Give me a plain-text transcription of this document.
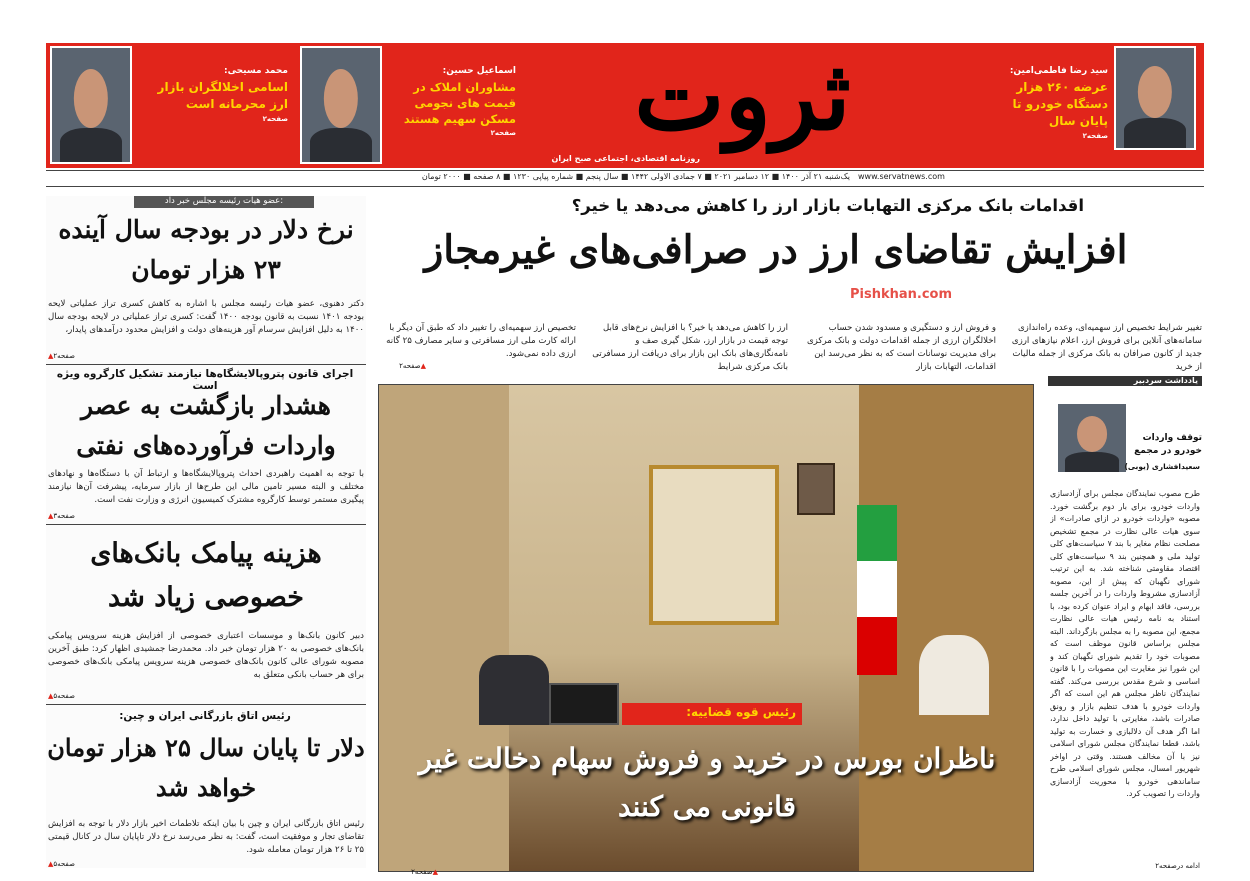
سید رضا فاطمی‌امین:
عرضه ۲۶۰ هزار دستگاه خودرو تا پایان سال
صفحه۲
ثروت
روزنامه اقتصادی، اجتماعی صبح ایران
اسماعیل حسین:
مشاوران املاک در قیمت های نجومی مسکن سهیم هستند
صفحه۲
محمد مسیحی:
اسامی اخلالگران بازار ارز محرمانه است
صفحه۲
یک‌شنبه ۲۱ آذر ۱۴۰۰ ■ ۱۲ دسامبر ۲۰۲۱ ■ ۷ جمادی الاولی ۱۴۴۲ ■ سال پنجم ■ شماره پیاپی ۱۲۳۰ ■ ۸ صفحه ■ ۲۰۰۰ تومان www.servatnews.com
اقدامات بانک مرکزی التهابات بازار ارز را کاهش می‌دهد یا خیر؟
افزایش تقاضای ارز در صرافی‌های غیرمجاز
Pishkhan.com
تغییر شرایط تخصیص ارز سهمیه‌ای، وعده راه‌اندازی سامانه‌های آنلاین برای فروش ارز، اعلام نیازهای ارزی جدید از کانون صرافان به بانک مرکزی از جمله مالیات از خرید
و فروش ارز و دستگیری و مسدود شدن حساب اخلالگران ارزی از جمله اقدامات دولت و بانک مرکزی برای مدیریت نوسانات است که به نظر می‌رسد این اقدامات، التهابات بازار
ارز را کاهش می‌دهد یا خیر؟ با افزایش نرخ‌های قابل توجه قیمت در بازار ارز، شکل گیری صف و نامه‌نگاری‌های بانک این بازار برای دریافت ارز مسافرتی بانک مرکزی شرایط
تخصیص ارز سهمیه‌ای را تغییر داد که طبق آن دیگر با ارائه کارت ملی ارز مسافرتی و سایر مصارف ۲۵ گانه ارزی داده نمی‌شود.
▲صفحه۲
یادداشت سردبیر
توقف واردات خودرو در مجمع
سعیدافشاری (یوبی)
طرح مصوب نمایندگان مجلس برای آزادسازی واردات خودرو، برای بار دوم برگشت خورد. مصوبه «واردات خودرو در ازای صادرات» از سوی هیات عالی نظارت در مجمع تشخیص مصلحت نظام مغایر با بند ۷ سیاست‌های کلی تولید ملی و همچنین بند ۹ سیاست‌های کلی اقتصاد مقاومتی شناخته شد. به این ترتیب شورای نگهبان که پیش از این، مصوبه آزادسازی مشروط واردات را در آخرین جلسه بررسی، فاقد ابهام و ایراد عنوان کرده بود، با استناد به نامه رئیس هیات عالی نظارت مجمع، این مصوبه را به مجلس بازگرداند. البته مجلس براساس قانون موظف است که مصوبات خود را تقدیم شورای نگهبان کند و این شورا نیز مغایرت این مصوبات را با قانون اساسی و شرع مقدس بررسی می‌کند. گفته نمایندگان ناظر مجلس هم این است که اگر واردات خودرو با هدف تنظیم بازار و رونق صادرات باشد، مغایرتی با تولید داخل ندارد، اما اگر هدف آن دلالبازی و خسارت به تولید باشد، قطعا نمایندگان مجلس شورای اسلامی نیز با آن مخالف هستند. وقتی در اواخر شهریور امسال، مجلس شورای اسلامی طرح ساماندهی خودرو با محوریت آزادسازی واردات را تصویب کرد.
ادامه درصفحه۲
رئیس قوه قضاییه:
ناظران بورس در خرید و فروش سهام دخالت غیر قانونی می کنند
▲صفحه۲
عضو هیات رئیسه مجلس خبر داد:
نرخ دلار در بودجه سال آینده ۲۳ هزار تومان
دکتر دهنوی، عضو هیات رئیسه مجلس با اشاره به کاهش کسری تراز عملیاتی لایحه بودجه ۱۴۰۱ نسبت به قانون بودجه ۱۴۰۰ گفت: کسری تراز عملیاتی در لایحه بودجه سال ۱۴۰۰ به دلیل افزایش سرسام آور هزینه‌های دولت و افزایش محدود درآمدهای پایدار،
▲صفحه۲
اجرای قانون پتروپالایشگاه‌ها نیازمند تشکیل کارگروه ویژه است
هشدار بازگشت به عصر واردات فرآورده‌های نفتی
با توجه به اهمیت راهبردی احداث پتروپالایشگاه‌ها و ارتباط آن با دستگاه‌ها و نهادهای مختلف و البته مسیر تامین مالی این طرح‌ها از بازار سرمایه، پیشرفت آن‌ها نیازمند پیگیری مستمر توسط کارگروه مشترک کمیسیون انرژی و وزارت نفت است.
▲صفحه۳
هزینه پیامک بانک‌های خصوصی زیاد شد
دبیر کانون بانک‌ها و موسسات اعتباری خصوصی از افزایش هزینه سرویس پیامکی بانک‌های خصوصی به ۲۰ هزار تومان خبر داد. محمدرضا جمشیدی اظهار کرد: طبق آخرین مصوبه شورای عالی کانون بانک‌های خصوصی هزینه سرویس پیامکی بانک‌های خصوصی برای هر حساب بانکی متعلق به
▲صفحه۵
رئیس اتاق بازرگانی ایران و چین:
دلار تا پایان سال ۲۵ هزار تومان خواهد شد
رئیس اتاق بازرگانی ایران و چین با بیان اینکه تلاطمات اخیر بازار دلار با توجه به افزایش تقاضای تجار و موفقیت است، گفت: به نظر می‌رسد نرخ دلار تاپایان سال در کانال قیمتی ۲۵ تا ۲۶ هزار تومان معامله شود.
▲صفحه۵
